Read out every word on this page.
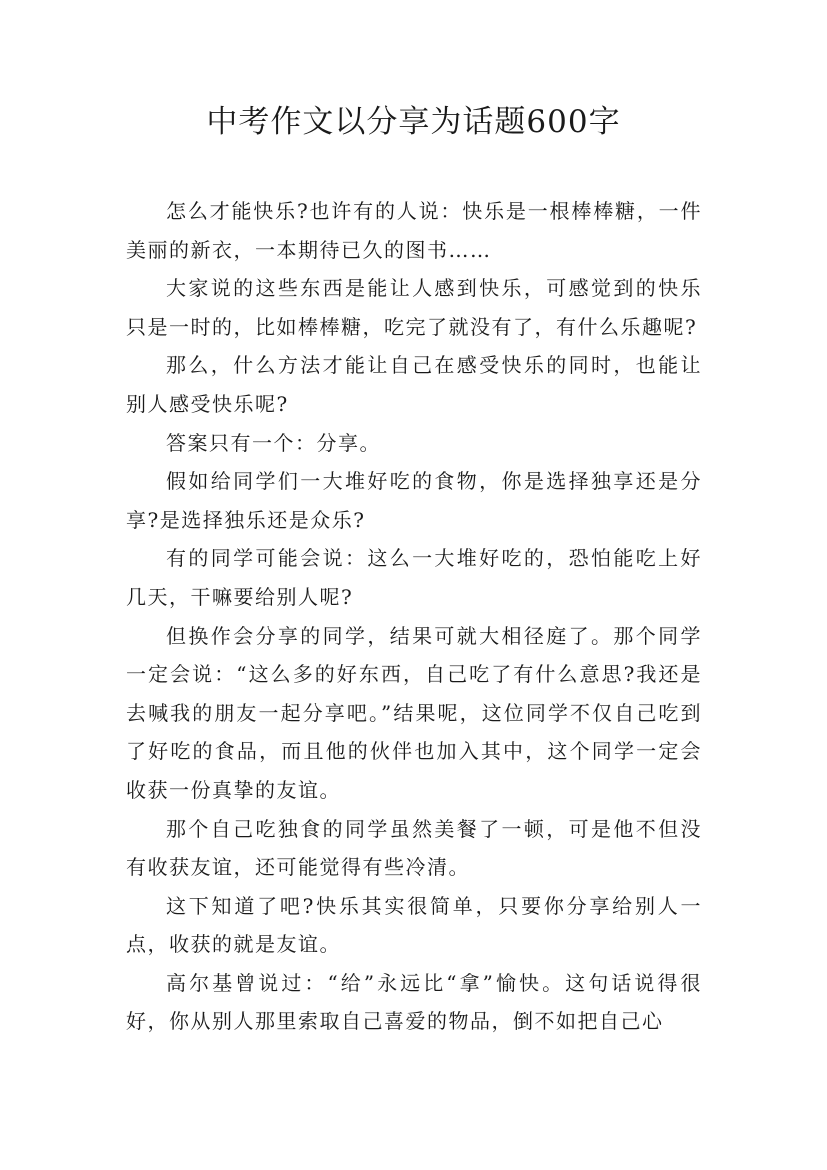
中考作文以分享为话题600字

怎么才能快乐?也许有的人说：快乐是一根棒棒糖，一件美丽的新衣，一本期待已久的图书……

大家说的这些东西是能让人感到快乐，可感觉到的快乐只是一时的，比如棒棒糖，吃完了就没有了，有什么乐趣呢?

那么，什么方法才能让自己在感受快乐的同时，也能让别人感受快乐呢?

答案只有一个：分享。

假如给同学们一大堆好吃的食物，你是选择独享还是分享?是选择独乐还是众乐?

有的同学可能会说：这么一大堆好吃的，恐怕能吃上好几天，干嘛要给别人呢?

但换作会分享的同学，结果可就大相径庭了。那个同学一定会说：“这么多的好东西，自己吃了有什么意思?我还是去喊我的朋友一起分享吧。”结果呢，这位同学不仅自己吃到了好吃的食品，而且他的伙伴也加入其中，这个同学一定会收获一份真挚的友谊。

那个自己吃独食的同学虽然美餐了一顿，可是他不但没有收获友谊，还可能觉得有些冷清。

这下知道了吧?快乐其实很简单，只要你分享给别人一点，收获的就是友谊。

高尔基曾说过：“给”永远比“拿”愉快。这句话说得很好，你从别人那里索取自己喜爱的物品，倒不如把自己心
